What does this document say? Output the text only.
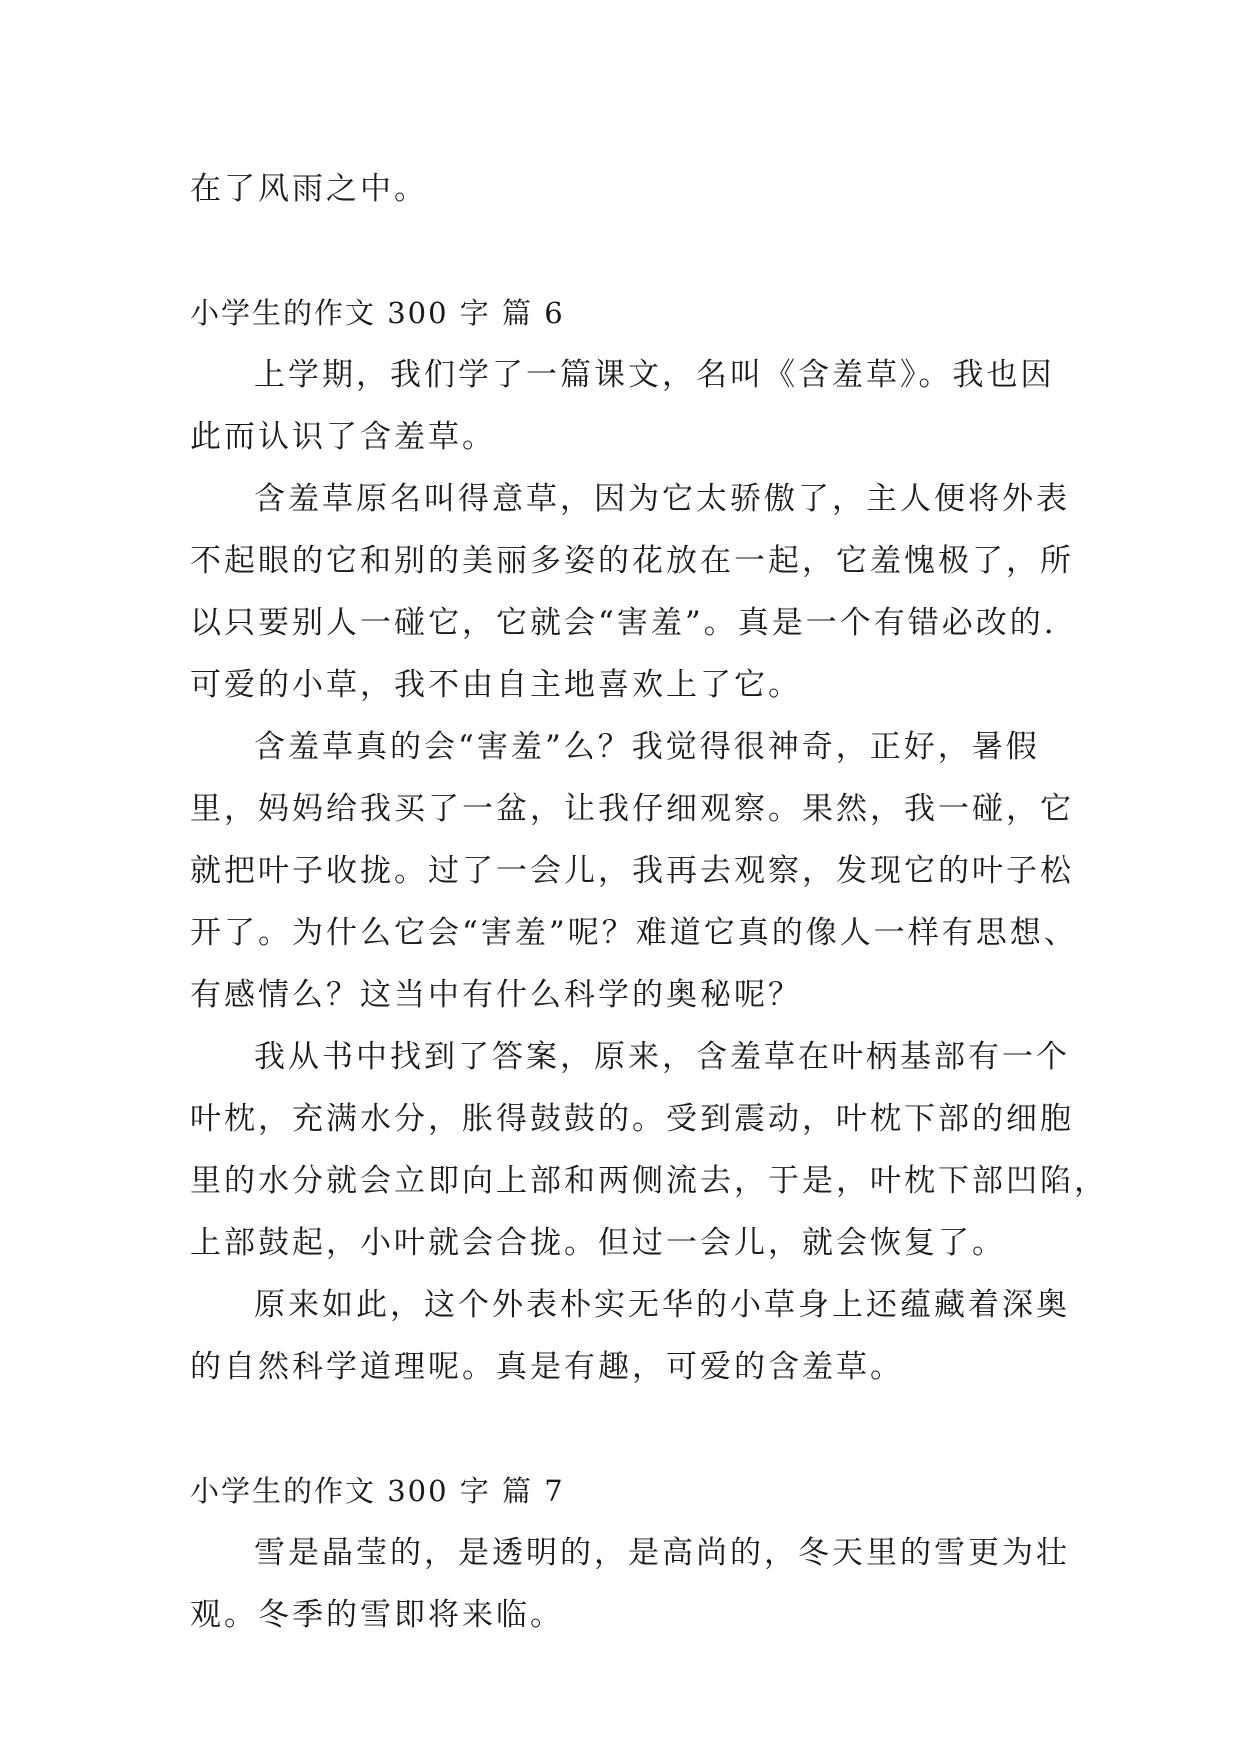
在了风雨之中。
小学生的作文 300 字 篇 6
上学期，我们学了一篇课文，名叫《含羞草》。我也因
此而认识了含羞草。
含羞草原名叫得意草，因为它太骄傲了，主人便将外表
不起眼的它和别的美丽多姿的花放在一起，它羞愧极了，所
以只要别人一碰它，它就会“害羞”。真是一个有错必改的.
可爱的小草，我不由自主地喜欢上了它。
含羞草真的会“害羞”么？我觉得很神奇，正好，暑假
里，妈妈给我买了一盆，让我仔细观察。果然，我一碰，它
就把叶子收拢。过了一会儿，我再去观察，发现它的叶子松
开了。为什么它会“害羞”呢？难道它真的像人一样有思想、
有感情么？这当中有什么科学的奥秘呢？
我从书中找到了答案，原来，含羞草在叶柄基部有一个
叶枕，充满水分，胀得鼓鼓的。受到震动，叶枕下部的细胞
里的水分就会立即向上部和两侧流去，于是，叶枕下部凹陷，
上部鼓起，小叶就会合拢。但过一会儿，就会恢复了。
原来如此，这个外表朴实无华的小草身上还蕴藏着深奥
的自然科学道理呢。真是有趣，可爱的含羞草。
小学生的作文 300 字 篇 7
雪是晶莹的，是透明的，是高尚的，冬天里的雪更为壮
观。冬季的雪即将来临。
